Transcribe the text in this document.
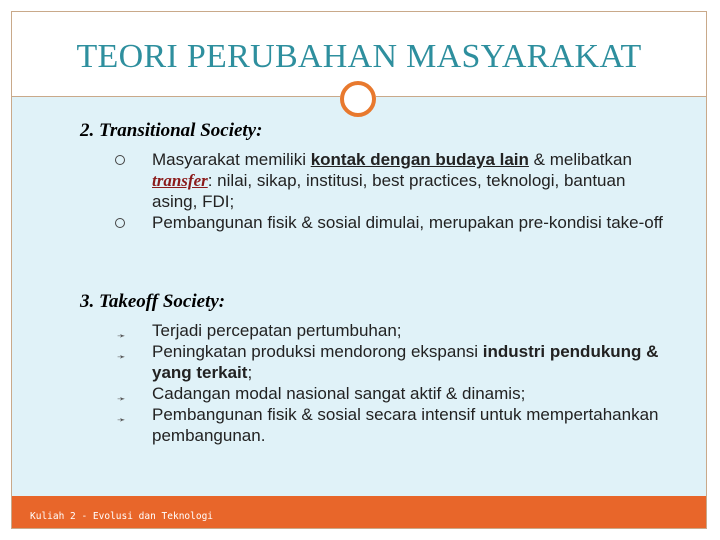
TEORI PERUBAHAN MASYARAKAT
2. Transitional Society:
Masyarakat memiliki kontak dengan budaya lain & melibatkan transfer: nilai, sikap, institusi, best practices, teknologi, bantuan asing, FDI;
Pembangunan fisik & sosial dimulai, merupakan pre-kondisi take-off
3. Takeoff Society:
➛ Terjadi percepatan pertumbuhan;
➛ Peningkatan produksi mendorong ekspansi industri pendukung & yang terkait;
➛ Cadangan modal nasional sangat aktif & dinamis;
➛ Pembangunan fisik & sosial secara intensif untuk mempertahankan pembangunan.
Kuliah 2 - Evolusi dan Teknologi
